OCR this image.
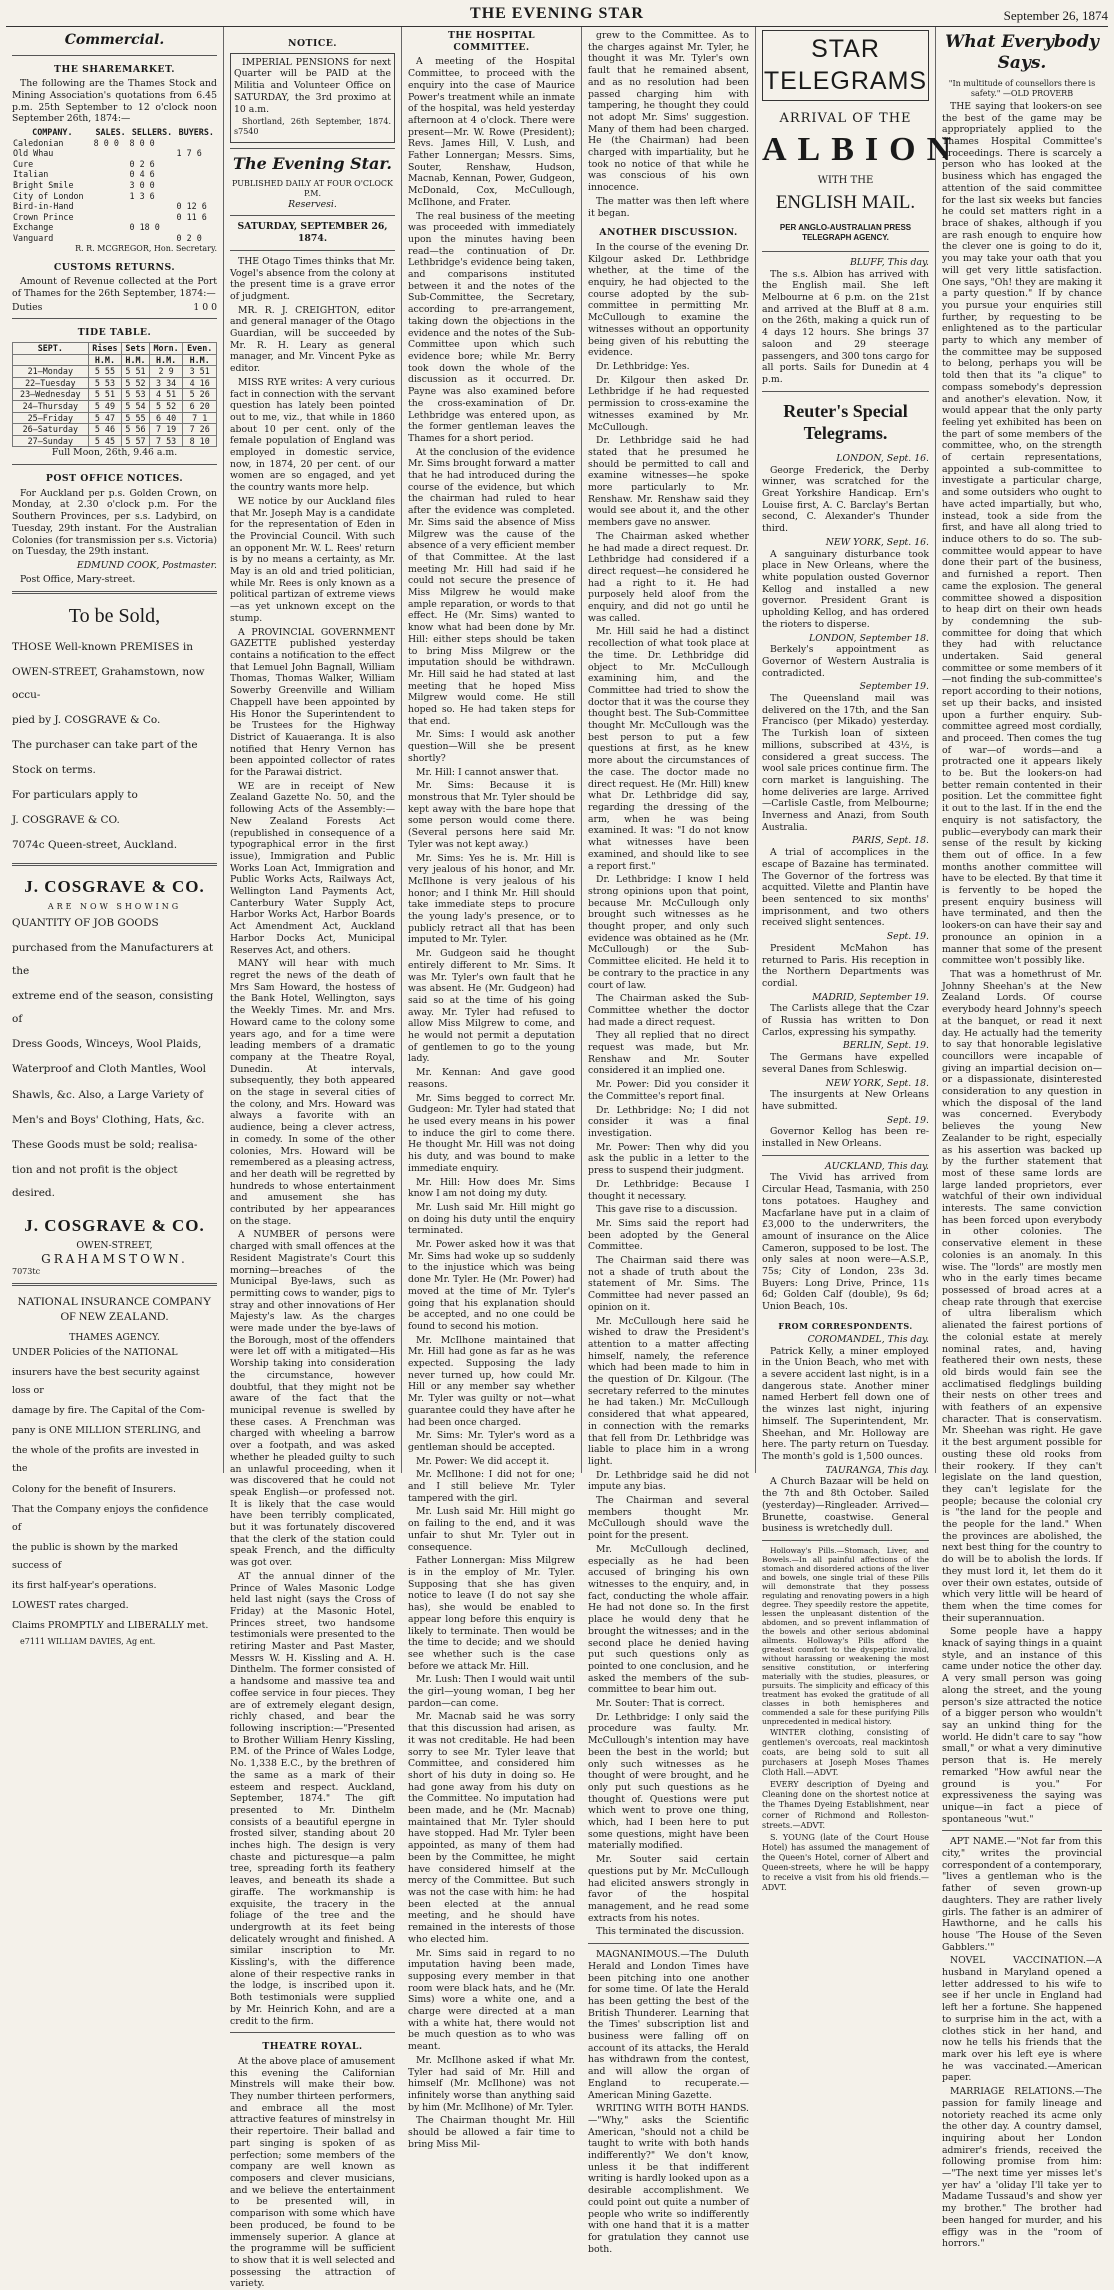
THE EVENING STAR	September 26, 1874
Commercial.
THE SHAREMARKET.

The following are the Thames Stock and Mining Association's quotations from 6.45 p.m. 25th September to 12 o'clock noon September 26th, 1874:—

COMPANY.	SALES.	SELLERS.	BUYERS.
Caledonian	8 0 0	8 0 0	
Old Whau			1 7 6
Cure		0 2 6	
Italian		0 4 6	
Bright Smile		3 0 0	
City of London		1 3 6	
Bird-in-Hand			0 12 6
Crown Prince			0 11 6
Exchange		0 18 0	
Vanguard			0 2 0

R. R. MCGREGOR, Hon. Secretary.

CUSTOMS RETURNS.

Amount of Revenue collected at the Port of Thames for the 26th September, 1874:—

Duties	1 0 0
TIDE TABLE.
SEPT.	Rises	Sets	Morn.	Even.
	H.M.	H.M.	H.M.	H.M.
21–Monday	5 55	5 51	2 9	3 51
22–Tuesday	5 53	5 52	3 34	4 16
23–Wednesday	5 51	5 53	4 51	5 26
24–Thursday	5 49	5 54	5 52	6 20
25–Friday	5 47	5 55	6 40	7 1
26–Saturday	5 46	5 56	7 19	7 26
27–Sunday	5 45	5 57	7 53	8 10

Full Moon, 26th, 9.46 a.m.

POST OFFICE NOTICES.

For Auckland per p.s. Golden Crown, on Monday, at 2.30 o'clock p.m. For the Southern Provinces, per s.s. Ladybird, on Tuesday, 29th instant. For the Australian Colonies (for transmission per s.s. Victoria) on Tuesday, the 29th instant.

EDMUND COOK, Postmaster.

Post Office, Mary-street.

To be Sold,

THOSE Well-known PREMISES in

OWEN-STREET, Grahamstown, now occu-

pied by J. COSGRAVE & Co.

The purchaser can take part of the

Stock on terms.

For particulars apply to

J. COSGRAVE & CO.

7074c Queen-street, Auckland.

J. COSGRAVE & CO.
ARE NOW SHOWING

QUANTITY OF JOB GOODS

purchased from the Manufacturers at the

extreme end of the season, consisting of

Dress Goods, Winceys, Wool Plaids,

Waterproof and Cloth Mantles, Wool

Shawls, &c. Also, a Large Variety of

Men's and Boys' Clothing, Hats, &c.

These Goods must be sold; realisa-

tion and not profit is the object desired.

J. COSGRAVE & CO.
OWEN-STREET,
GRAHAMSTOWN.
7073tc
NATIONAL INSURANCE COMPANY OF NEW ZEALAND.
THAMES AGENCY.

UNDER Policies of the NATIONAL

insurers have the best security against loss or

damage by fire. The Capital of the Com-

pany is ONE MILLION STERLING, and

the whole of the profits are invested in the

Colony for the benefit of Insurers.

That the Company enjoys the confidence of

the public is shown by the marked success of

its first half-year's operations.

LOWEST rates charged.

Claims PROMPTLY and LIBERALLY met.

e7111 WILLIAM DAVIES, Ag ent.

NOTICE.

IMPERIAL PENSIONS for next Quarter will be PAID at the Militia and Volunteer Office on SATURDAY, the 3rd proximo at 10 a.m.

Shortland, 26th September, 1874. s7540

The Evening Star.
PUBLISHED DAILY AT FOUR O'CLOCK P.M.
Reservesi.
SATURDAY, SEPTEMBER 26, 1874.

THE Otago Times thinks that Mr. Vogel's absence from the colony at the present time is a grave error of judgment.

MR. R. J. CREIGHTON, editor and general manager of the Otago Guardian, will be succeeded by Mr. R. H. Leary as general manager, and Mr. Vincent Pyke as editor.

MISS RYE writes: A very curious fact in connection with the servant question has lately been pointed out to me, viz., that while in 1860 about 10 per cent. only of the female population of England was employed in domestic service, now, in 1874, 20 per cent. of our women are so engaged, and yet the country wants more help.

WE notice by our Auckland files that Mr. Joseph May is a candidate for the representation of Eden in the Provincial Council. With such an opponent Mr. W. L. Rees' return is by no means a certainty, as Mr. May is an old and tried politician, while Mr. Rees is only known as a political partizan of extreme views—as yet unknown except on the stump.

A PROVINCIAL GOVERNMENT GAZETTE published yesterday contains a notification to the effect that Lemuel John Bagnall, William Thomas, Thomas Walker, William Sowerby Greenville and William Chappell have been appointed by His Honor the Superintendent to be Trustees for the Highway District of Kauaeranga. It is also notified that Henry Vernon has been appointed collector of rates for the Parawai district.

WE are in receipt of New Zealand Gazette No. 50, and the following Acts of the Assembly:—New Zealand Forests Act (republished in consequence of a typographical error in the first issue), Immigration and Public Works Loan Act, Immigration and Public Works Acts, Railways Act, Wellington Land Payments Act, Canterbury Water Supply Act, Harbor Works Act, Harbor Boards Act Amendment Act, Auckland Harbor Docks Act, Municipal Reserves Act, and others.

MANY will hear with much regret the news of the death of Mrs Sam Howard, the hostess of the Bank Hotel, Wellington, says the Weekly Times. Mr. and Mrs. Howard came to the colony some years ago, and for a time were leading members of a dramatic company at the Theatre Royal, Dunedin. At intervals, subsequently, they both appeared on the stage in several cities of the colony, and Mrs. Howard was always a favorite with an audience, being a clever actress, in comedy. In some of the other colonies, Mrs. Howard will be remembered as a pleasing actress, and her death will be regretted by hundreds to whose entertainment and amusement she has contributed by her appearances on the stage.

A NUMBER of persons were charged with small offences at the Resident Magistrate's Court this morning—breaches of the Municipal Bye-laws, such as permitting cows to wander, pigs to stray and other innovations of Her Majesty's law. As the charges were made under the bye-laws of the Borough, most of the offenders were let off with a mitigated—His Worship taking into consideration the circumstance, however doubtful, that they might not be aware of the fact that the municipal revenue is swelled by these cases. A Frenchman was charged with wheeling a barrow over a footpath, and was asked whether he pleaded guilty to such an unlawful proceeding, when it was discovered that he could not speak English—or professed not. It is likely that the case would have been terribly complicated, but it was fortunately discovered that the clerk of the station could speak French, and the difficulty was got over.

AT the annual dinner of the Prince of Wales Masonic Lodge held last night (says the Cross of Friday) at the Masonic Hotel, Princes street, two handsome testimonials were presented to the retiring Master and Past Master, Messrs W. H. Kissling and A. H. Dinthelm. The former consisted of a handsome and massive tea and coffee service in four pieces. They are of extremely elegant design, richly chased, and bear the following inscription:—"Presented to Brother William Henry Kissling, P.M. of the Prince of Wales Lodge, No. 1,338 E.C., by the brethren of the same as a mark of their esteem and respect. Auckland, September, 1874." The gift presented to Mr. Dinthelm consists of a beautiful epergne in frosted silver, standing about 20 inches high. The design is very chaste and picturesque—a palm tree, spreading forth its feathery leaves, and beneath its shade a giraffe. The workmanship is exquisite, the tracery in the foliage of the tree and the undergrowth at its feet being delicately wrought and finished. A similar inscription to Mr. Kissling's, with the difference alone of their respective ranks in the lodge, is inscribed upon it. Both testimonials were supplied by Mr. Heinrich Kohn, and are a credit to the firm.

THEATRE ROYAL.

At the above place of amusement this evening the Californian Minstrels will make their bow. They number thirteen performers, and embrace all the most attractive features of minstrelsy in their repertoire. Their ballad and part singing is spoken of as perfection; some members of the company are well known as composers and clever musicians, and we believe the entertainment to be presented will, in comparison with some which have been produced, be found to be immensely superior. A glance at the programme will be sufficient to show that it is well selected and possessing the attraction of variety.

THE HOSPITAL COMMITTEE.

A meeting of the Hospital Committee, to proceed with the enquiry into the case of Maurice Power's treatment while an inmate of the hospital, was held yesterday afternoon at 4 o'clock. There were present—Mr. W. Rowe (President); Revs. James Hill, V. Lush, and Father Lonnergan; Messrs. Sims, Souter, Renshaw, Hudson, Macnab, Kennan, Power, Gudgeon, McDonald, Cox, McCullough, McIlhone, and Frater.

The real business of the meeting was proceeded with immediately upon the minutes having been read—the continuation of Dr. Lethbridge's evidence being taken, and comparisons instituted between it and the notes of the Sub-Committee, the Secretary, according to pre-arrangement, taking down the objections in the evidence and the notes of the Sub-Committee upon which such evidence bore; while Mr. Berry took down the whole of the discussion as it occurred. Dr. Payne was also examined before the cross-examination of Dr. Lethbridge was entered upon, as the former gentleman leaves the Thames for a short period.

At the conclusion of the evidence Mr. Sims brought forward a matter that he had introduced during the course of the evidence, but which the chairman had ruled to hear after the evidence was completed. Mr. Sims said the absence of Miss Milgrew was the cause of the absence of a very efficient member of that Committee. At the last meeting Mr. Hill had said if he could not secure the presence of Miss Milgrew he would make ample reparation, or words to that effect. He (Mr. Sims) wanted to know what had been done by Mr. Hill: either steps should be taken to bring Miss Milgrew or the imputation should be withdrawn. Mr. Hill said he had stated at last meeting that he hoped Miss Milgrew would come. He still hoped so. He had taken steps for that end.

Mr. Sims: I would ask another question—Will she be present shortly?

Mr. Hill: I cannot answer that.

Mr. Sims: Because it is monstrous that Mr. Tyler should be kept away with the bare hope that some person would come there. (Several persons here said Mr. Tyler was not kept away.)

Mr. Sims: Yes he is. Mr. Hill is very jealous of his honor, and Mr. McIlhone is very jealous of his honor; and I think Mr. Hill should take immediate steps to procure the young lady's presence, or to publicly retract all that has been imputed to Mr. Tyler.

Mr. Gudgeon said he thought entirely different to Mr. Sims. It was Mr. Tyler's own fault that he was absent. He (Mr. Gudgeon) had said so at the time of his going away. Mr. Tyler had refused to allow Miss Milgrew to come, and he would not permit a deputation of gentlemen to go to the young lady.

Mr. Kennan: And gave good reasons.

Mr. Sims begged to correct Mr. Gudgeon: Mr. Tyler had stated that he used every means in his power to induce the girl to come there. He thought Mr. Hill was not doing his duty, and was bound to make immediate enquiry.

Mr. Hill: How does Mr. Sims know I am not doing my duty.

Mr. Lush said Mr. Hill might go on doing his duty until the enquiry terminated.

Mr. Power asked how it was that Mr. Sims had woke up so suddenly to the injustice which was being done Mr. Tyler. He (Mr. Power) had moved at the time of Mr. Tyler's going that his explanation should be accepted, and no one could be found to second his motion.

Mr. McIlhone maintained that Mr. Hill had gone as far as he was expected. Supposing the lady never turned up, how could Mr. Hill or any member say whether Mr. Tyler was guilty or not—what guarantee could they have after he had been once charged.

Mr. Sims: Mr. Tyler's word as a gentleman should be accepted.

Mr. Power: We did accept it.

Mr. McIlhone: I did not for one; and I still believe Mr. Tyler tampered with the girl.

Mr. Lush said Mr. Hill might go on failing to the end, and it was unfair to shut Mr. Tyler out in consequence.

Father Lonnergan: Miss Milgrew is in the employ of Mr. Tyler. Supposing that she has given notice to leave (I do not say she has), she would be enabled to appear long before this enquiry is likely to terminate. Then would be the time to decide; and we should see whether such is the case before we attack Mr. Hill.

Mr. Lush: Then I would wait until the girl—young woman, I beg her pardon—can come.

Mr. Macnab said he was sorry that this discussion had arisen, as it was not creditable. He had been sorry to see Mr. Tyler leave that Committee, and considered him short of his duty in doing so. He had gone away from his duty on the Committee. No imputation had been made, and he (Mr. Macnab) maintained that Mr. Tyler should have stopped. Had Mr. Tyler been appointed, as many of them had been by the Committee, he might have considered himself at the mercy of the Committee. But such was not the case with him: he had been elected at the annual meeting, and he should have remained in the interests of those who elected him.

Mr. Sims said in regard to no imputation having been made, supposing every member in that room were black hats, and he (Mr. Sims) wore a white one, and a charge were directed at a man with a white hat, there would not be much question as to who was meant.

Mr. McIlhone asked if what Mr. Tyler had said of Mr. Hill and himself (Mr. McIlhone) was not infinitely worse than anything said by him (Mr. McIlhone) of Mr. Tyler.

The Chairman thought Mr. Hill should be allowed a fair time to bring Miss Mil-

grew to the Committee. As to the charges against Mr. Tyler, he thought it was Mr. Tyler's own fault that he remained absent, and as no resolution had been passed charging him with tampering, he thought they could not adopt Mr. Sims' suggestion. Many of them had been charged. He (the Chairman) had been charged with impartiality, but he took no notice of that while he was conscious of his own innocence.

The matter was then left where it began.

ANOTHER DISCUSSION.

In the course of the evening Dr. Kilgour asked Dr. Lethbridge whether, at the time of the enquiry, he had objected to the course adopted by the sub-committee in permitting Mr. McCullough to examine the witnesses without an opportunity being given of his rebutting the evidence.

Dr. Lethbridge: Yes.

Dr. Kilgour then asked Dr. Lethbridge if he had requested permission to cross-examine the witnesses examined by Mr. McCullough.

Dr. Lethbridge said he had stated that he presumed he should be permitted to call and examine witnesses—he spoke more particularly to Mr. Renshaw. Mr. Renshaw said they would see about it, and the other members gave no answer.

The Chairman asked whether he had made a direct request. Dr. Lethbridge had considered if a direct request—he considered he had a right to it. He had purposely held aloof from the enquiry, and did not go until he was called.

Mr. Hill said he had a distinct recollection of what took place at the time. Dr. Lethbridge did object to Mr. McCullough examining him, and the Committee had tried to show the doctor that it was the course they thought best. The Sub-Committee thought Mr. McCullough was the best person to put a few questions at first, as he knew more about the circumstances of the case. The doctor made no direct request. He (Mr. Hill) knew what Dr. Lethbridge did say, regarding the dressing of the arm, when he was being examined. It was: "I do not know what witnesses have been examined, and should like to see a report first."

Dr. Lethbridge: I know I held strong opinions upon that point, because Mr. McCullough only brought such witnesses as he thought proper, and only such evidence was obtained as he (Mr. McCullough) or the Sub-Committee elicited. He held it to be contrary to the practice in any court of law.

The Chairman asked the Sub-Committee whether the doctor had made a direct request.

They all replied that no direct request was made, but Mr. Renshaw and Mr. Souter considered it an implied one.

Mr. Power: Did you consider it the Committee's report final.

Dr. Lethbridge: No; I did not consider it was a final investigation.

Mr. Power: Then why did you ask the public in a letter to the press to suspend their judgment.

Dr. Lethbridge: Because I thought it necessary.

This gave rise to a discussion.

Mr. Sims said the report had been adopted by the General Committee.

The Chairman said there was not a shade of truth about the statement of Mr. Sims. The Committee had never passed an opinion on it.

Mr. McCullough here said he wished to draw the President's attention to a matter affecting himself, namely, the reference which had been made to him in the question of Dr. Kilgour. (The secretary referred to the minutes he had taken.) Mr. McCullough considered that what appeared, in connection with the remarks that fell from Dr. Lethbridge was liable to place him in a wrong light.

Dr. Lethbridge said he did not impute any bias.

The Chairman and several members thought Mr. McCullough should wave the point for the present.

Mr. McCullough declined, especially as he had been accused of bringing his own witnesses to the enquiry, and, in fact, conducting the whole affair. He had not done so. In the first place he would deny that he brought the witnesses; and in the second place he denied having put such questions only as pointed to one conclusion, and he asked the members of the sub-committee to bear him out.

Mr. Souter: That is correct.

Dr. Lethbridge: I only said the procedure was faulty. Mr. McCullough's intention may have been the best in the world; but only such witnesses as he thought of were brought, and he only put such questions as he thought of. Questions were put which went to prove one thing, which, had I been here to put some questions, might have been materially modified.

Mr. Souter said certain questions put by Mr. McCullough had elicited answers strongly in favor of the hospital management, and he read some extracts from his notes.

This terminated the discussion.

MAGNANIMOUS.—The Duluth Herald and London Times have been pitching into one another for some time. Of late the Herald has been getting the best of the British Thunderer. Learning that the Times' subscription list and business were falling off on account of its attacks, the Herald has withdrawn from the contest, and will allow the organ of England to recuperate.—American Mining Gazette.

WRITING WITH BOTH HANDS.—"Why," asks the Scientific American, "should not a child be taught to write with both hands indifferently?" We don't know, unless it be that indifferent writing is hardly looked upon as a desirable accomplishment. We could point out quite a number of people who write so indifferently with one hand that it is a matter for gratulation they cannot use both.

STAR TELEGRAMS
ARRIVAL OF THE
ALBION
WITH THE
ENGLISH MAIL.
PER ANGLO-AUSTRALIAN PRESS TELEGRAPH AGENCY.

BLUFF, This day.

The s.s. Albion has arrived with the English mail. She left Melbourne at 6 p.m. on the 21st and arrived at the Bluff at 8 a.m. on the 26th, making a quick run of 4 days 12 hours. She brings 37 saloon and 29 steerage passengers, and 300 tons cargo for all ports. Sails for Dunedin at 4 p.m.

Reuter's Special Telegrams.

LONDON, Sept. 16.

George Frederick, the Derby winner, was scratched for the Great Yorkshire Handicap. Ern's Louise first, A. C. Barclay's Bertan second, C. Alexander's Thunder third.

NEW YORK, Sept. 16.

A sanguinary disturbance took place in New Orleans, where the white population ousted Governor Kellog and installed a new governor. President Grant is upholding Kellog, and has ordered the rioters to disperse.

LONDON, September 18.

Berkely's appointment as Governor of Western Australia is contradicted.

September 19.

The Queensland mail was delivered on the 17th, and the San Francisco (per Mikado) yesterday. The Turkish loan of sixteen millions, subscribed at 43½, is considered a great success. The wool sale prices continue firm. The corn market is languishing. The home deliveries are large. Arrived—Carlisle Castle, from Melbourne; Inverness and Anazi, from South Australia.

PARIS, Sept. 18.

A trial of accomplices in the escape of Bazaine has terminated. The Governor of the fortress was acquitted. Vilette and Plantin have been sentenced to six months' imprisonment, and two others received slight sentences.

Sept. 19.

President McMahon has returned to Paris. His reception in the Northern Departments was cordial.

MADRID, September 19.

The Carlists allege that the Czar of Russia has written to Don Carlos, expressing his sympathy.

BERLIN, Sept. 19.

The Germans have expelled several Danes from Schleswig.

NEW YORK, Sept. 18.

The insurgents at New Orleans have submitted.

Sept. 19.

Governor Kellog has been re-installed in New Orleans.

AUCKLAND, This day.

The Vivid has arrived from Circular Head, Tasmania, with 250 tons potatoes. Haughey and Macfarlane have put in a claim of £3,000 to the underwriters, the amount of insurance on the Alice Cameron, supposed to be lost. The only sales at noon were—A.S.P., 75s; City of London, 23s 3d. Buyers: Long Drive, Prince, 11s 6d; Golden Calf (double), 9s 6d; Union Beach, 10s.

FROM CORRESPONDENTS.

COROMANDEL, This day.

Patrick Kelly, a miner employed in the Union Beach, who met with a severe accident last night, is in a dangerous state. Another miner named Herbert fell down one of the winzes last night, injuring himself. The Superintendent, Mr. Sheehan, and Mr. Holloway are here. The party return on Tuesday. The month's gold is 1,500 ounces.

TAURANGA, This day.

A Church Bazaar will be held on the 7th and 8th October. Sailed (yesterday)—Ringleader. Arrived—Brunette, coastwise. General business is wretchedly dull.

Holloway's Pills.—Stomach, Liver, and Bowels.—In all painful affections of the stomach and disordered actions of the liver and bowels, one single trial of these Pills will demonstrate that they possess regulating and renovating powers in a high degree. They speedily restore the appetite, lessen the unpleasant distention of the abdomen, and so prevent inflammation of the bowels and other serious abdominal ailments. Holloway's Pills afford the greatest comfort to the dyspeptic invalid, without harassing or weakening the most sensitive constitution, or interfering materially with the studies, pleasures, or pursuits. The simplicity and efficacy of this treatment has evoked the gratitude of all classes in both hemispheres and commended a sale for these purifying Pills unprecedented in medical history.

WINTER clothing, consisting of gentlemen's overcoats, real mackintosh coats, are being sold to suit all purchasers at Joseph Moses Thames Cloth Hall.—ADVT.

EVERY description of Dyeing and Cleaning done on the shortest notice at the Thames Dyeing Establishment, near corner of Richmond and Rolleston-streets.—ADVT.

S. YOUNG (late of the Court House Hotel) has assumed the management of the Queen's Hotel, corner of Albert and Queen-streets, where he will be happy to receive a visit from his old friends.—ADVT.

What Everybody Says.

"In multitude of counsellors there is safety." —OLD PROVERB

THE saying that lookers-on see the best of the game may be appropriately applied to the Thames Hospital Committee's proceedings. There is scarcely a person who has looked at the business which has engaged the attention of the said committee for the last six weeks but fancies he could set matters right in a brace of shakes, although if you are rash enough to enquire how the clever one is going to do it, you may take your oath that you will get very little satisfaction. One says, "Oh! they are making it a party question." If by chance you pursue your enquiries still further, by requesting to be enlightened as to the particular party to which any member of the committee may be supposed to belong, perhaps you will be told then that its "a clique" to compass somebody's depression and another's elevation. Now, it would appear that the only party feeling yet exhibited has been on the part of some members of the committee, who, on the strength of certain representations, appointed a sub-committee to investigate a particular charge, and some outsiders who ought to have acted impartially, but who, instead, took a side from the first, and have all along tried to induce others to do so. The sub-committee would appear to have done their part of the business, and furnished a report. Then came the explosion. The general committee showed a disposition to heap dirt on their own heads by condemning the sub-committee for doing that which they had with reluctance undertaken. Said general committee or some members of it—not finding the sub-committee's report according to their notions, set up their backs, and insisted upon a further enquiry. Sub-committee agreed most cordially, and proceed. Then comes the tug of war—of words—and a protracted one it appears likely to be. But the lookers-on had better remain contented in their position. Let the committee fight it out to the last. If in the end the enquiry is not satisfactory, the public—everybody can mark their sense of the result by kicking them out of office. In a few months another committee will have to be elected. By that time it is fervently to be hoped the present enquiry business will have terminated, and then the lookers-on can have their say and pronounce an opinion in a manner that some of the present committee won't possibly like.

That was a homethrust of Mr. Johnny Sheehan's at the New Zealand Lords. Of course everybody heard Johnny's speech at the banquet, or read it next day. He actually had the temerity to say that honorable legislative councillors were incapable of giving an impartial decision on—or a dispassionate, disinterested consideration to any question in which the disposal of the land was concerned. Everybody believes the young New Zealander to be right, especially as his assertion was backed up by the further statement that most of these same lords are large landed proprietors, ever watchful of their own individual interests. The same conviction has been forced upon everybody in other colonies. The conservative element in these colonies is an anomaly. In this wise. The "lords" are mostly men who in the early times became possessed of broad acres at a cheap rate through that exercise of ultra liberalism which alienated the fairest portions of the colonial estate at merely nominal rates, and, having feathered their own nests, these old birds would fain see the acclimatised fledglings building their nests on other trees and with feathers of an expensive character. That is conservatism. Mr. Sheehan was right. He gave it the best argument possible for ousting these old rooks from their rookery. If they can't legislate on the land question, they can't legislate for the people; because the colonial cry is "the land for the people and the people for the land." When the provinces are abolished, the next best thing for the country to do will be to abolish the lords. If they must lord it, let them do it over their own estates, outside of which very little will be heard of them when the time comes for their superannuation.

Some people have a happy knack of saying things in a quaint style, and an instance of this came under notice the other day. A very small person was going along the street, and the young person's size attracted the notice of a bigger person who wouldn't say an unkind thing for the world. He didn't care to say "how small," or what a very diminutive person that is. He merely remarked "How awful near the ground is you." For expressiveness the saying was unique—in fact a piece of spontaneous "wut."

APT NAME.—"Not far from this city," writes the provincial correspondent of a contemporary, "lives a gentleman who is the father of seven grown-up daughters. They are rather lively girls. The father is an admirer of Hawthorne, and he calls his house 'The House of the Seven Gabblers.'"

NOVEL VACCINATION.—A husband in Maryland opened a letter addressed to his wife to see if her uncle in England had left her a fortune. She happened to surprise him in the act, with a clothes stick in her hand, and now he tells his friends that the mark over his left eye is where he was vaccinated.—American paper.

MARRIAGE RELATIONS.—The passion for family lineage and notoriety reached its acme only the other day. A country damsel, inquiring about her London admirer's friends, received the following promise from him:—"The next time yer misses let's yer hav' a 'oliday I'll take yer to Madame Tussaud's and show yer my brother." The brother had been hanged for murder, and his effigy was in the "room of horrors."
